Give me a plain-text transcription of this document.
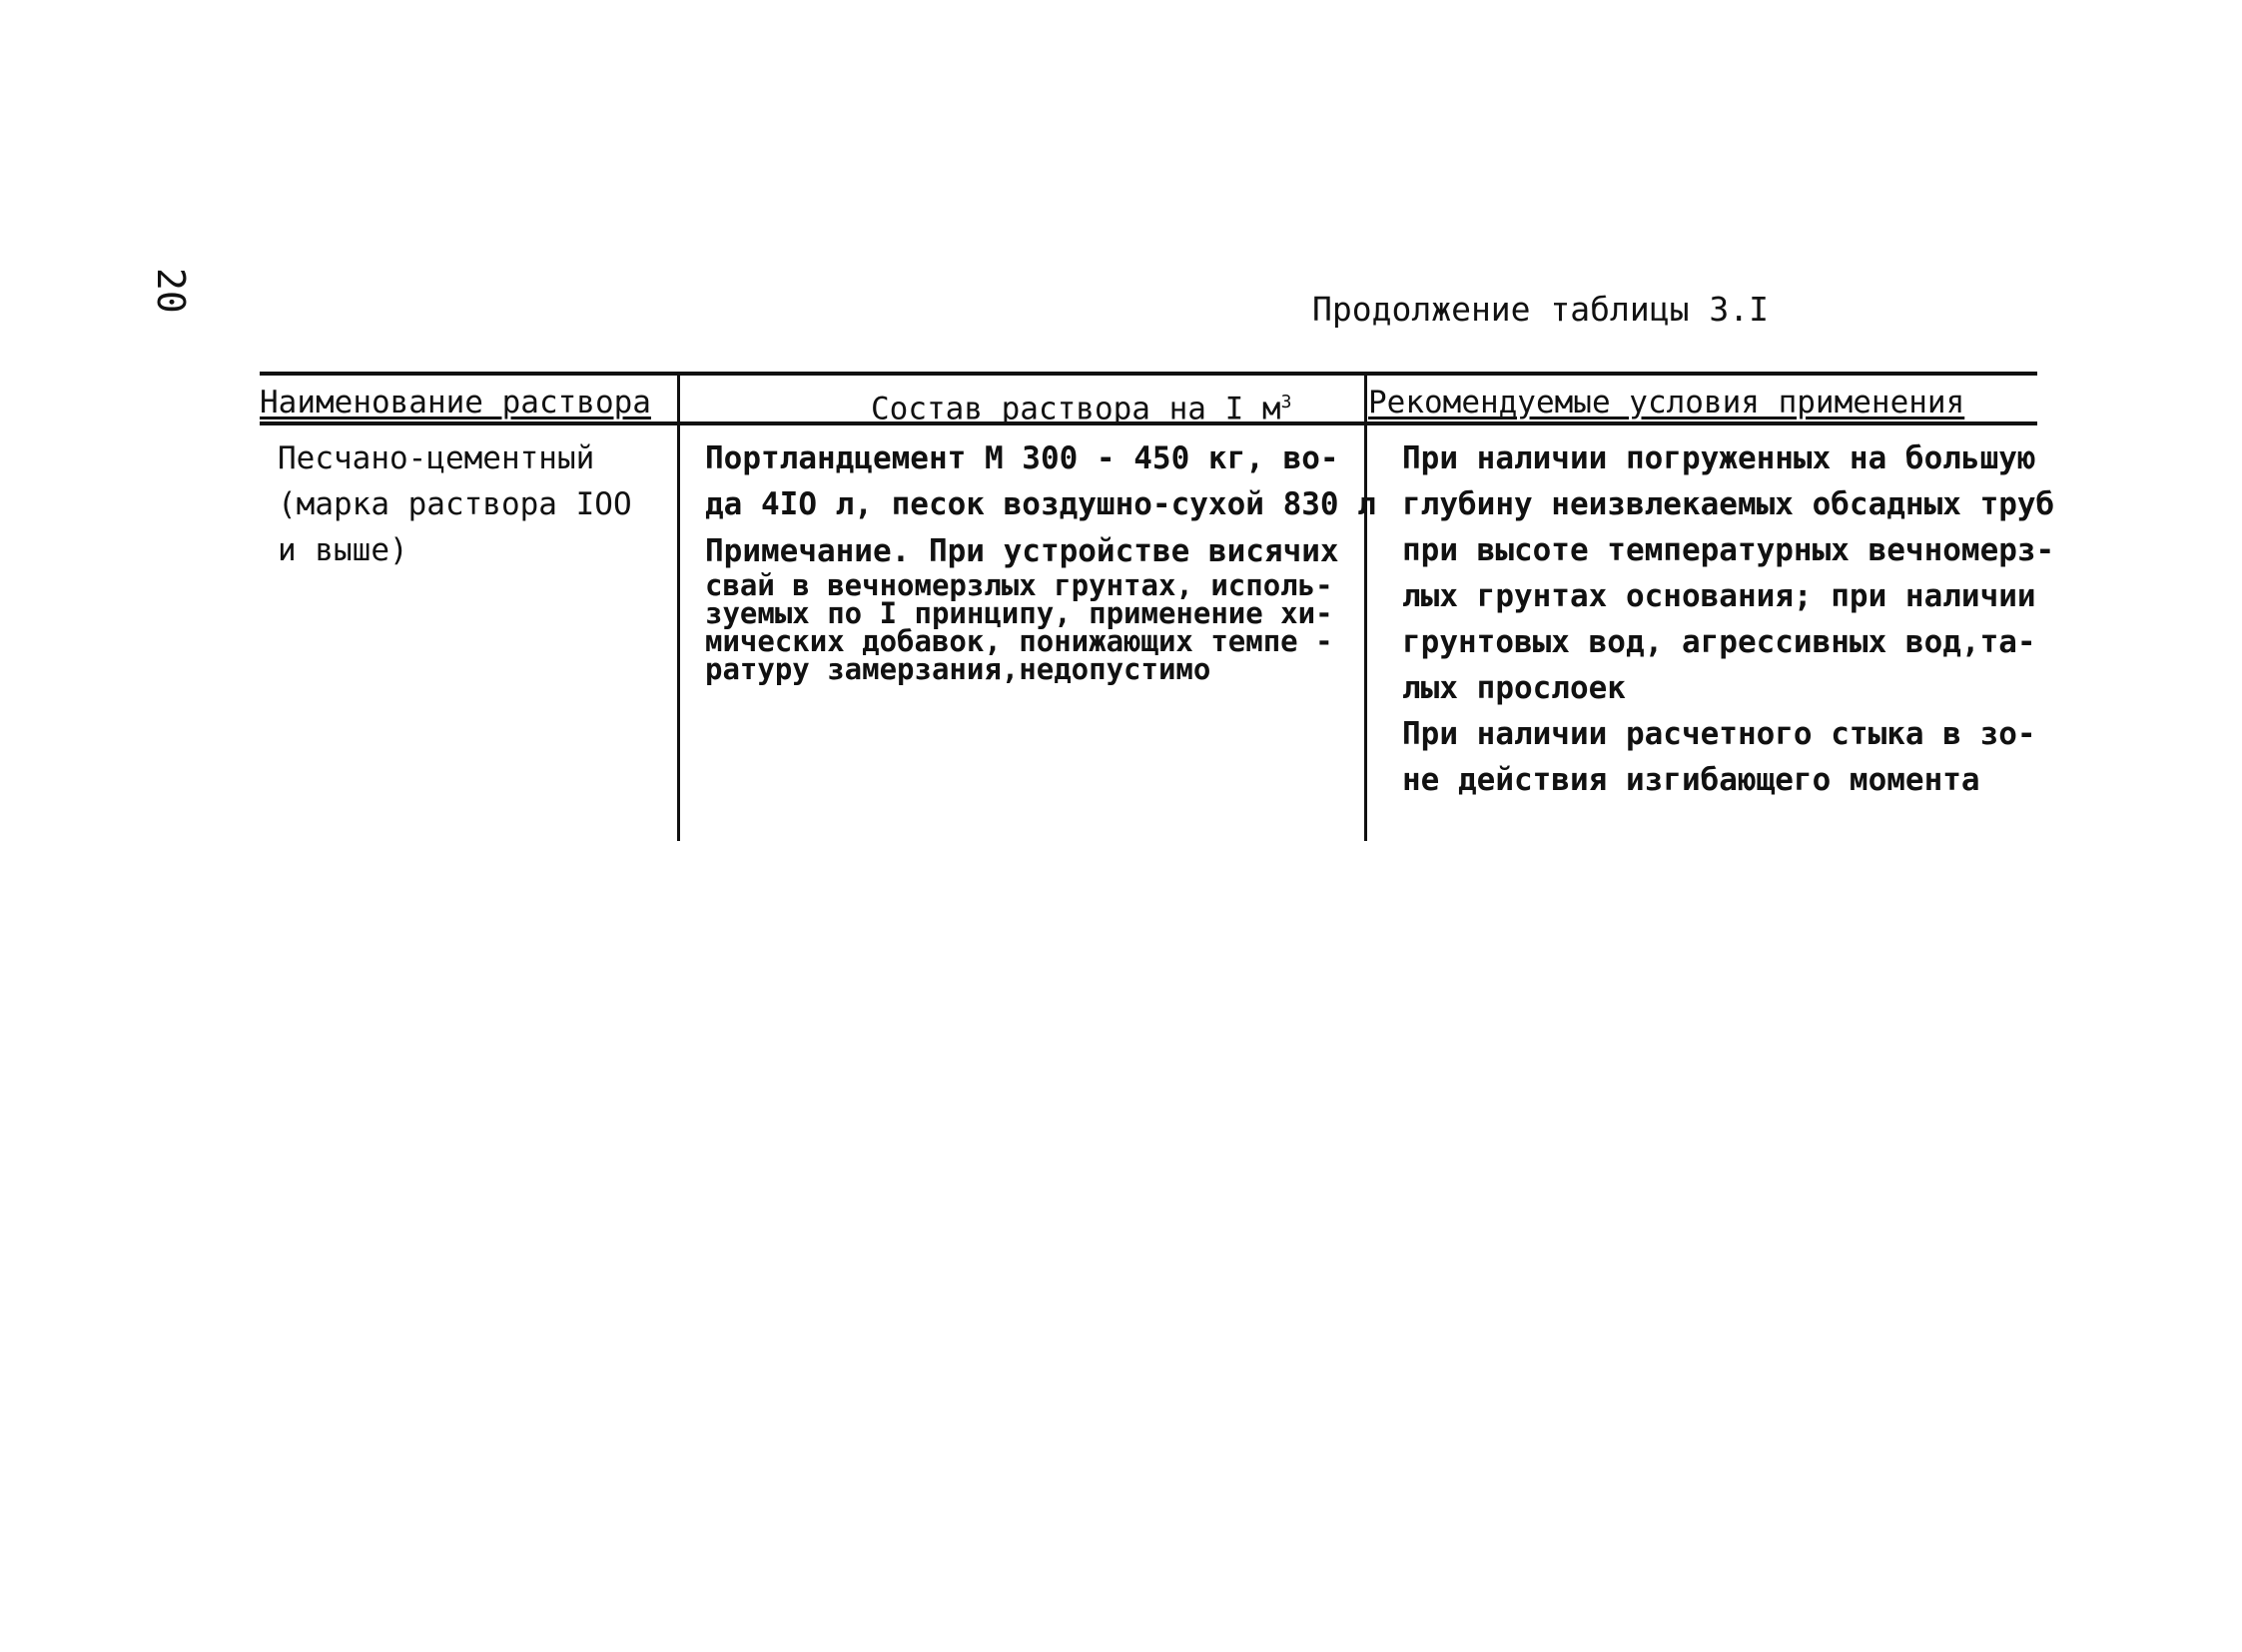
20	Продолжение таблицы 3.I
Наименование раствора	Состав раствора на I $м^3$ Рекомендуемые условия применения
Песчано-цементный
(марка раствора IOO
и выше)
Портландцемент М 300 - 450 кг, во-
да 4IO л, песок воздушно-сухой 830 л
Примечание. При устройстве висячих
свай в вечномерзлых грунтах, исполь-
зуемых по I принципу, применение хи-
мических добавок, понижающих темпе -
ратуру замерзания,недопустимо
При наличии погруженных на большую
глубину неизвлекаемых обсадных труб
при высоте температурных вечномерз-
лых грунтах основания; при наличии
грунтовых вод, агрессивных вод,та-
лых прослоек
При наличии расчетного стыка в зо-
не действия изгибающего момента
